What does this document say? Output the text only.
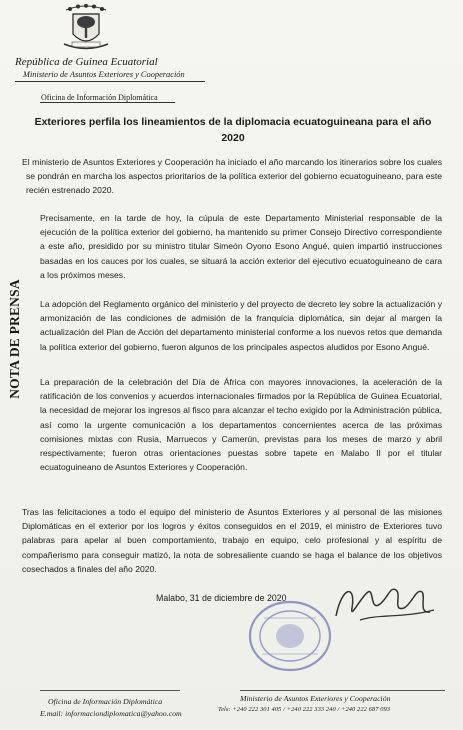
República de Guinea Ecuatorial
Ministerio de Asuntos Exteriores y Cooperación
Oficina de Información Diplomática
Exteriores perfila los lineamientos de la diplomacia ecuatoguineana para el año 2020
NOTA DE PRENSA

El ministerio de Asuntos Exteriores y Cooperación ha iniciado el año marcando los itinerarios sobre los cuales se pondrán en marcha los aspectos prioritarios de la política exterior del gobierno ecuatoguineano, para este recién estrenado 2020.

Precisamente, en la tarde de hoy, la cúpula de este Departamento Ministerial responsable de la ejecución de la política exterior del gobierno, ha mantenido su primer Consejo Directivo correspondiente a este año, presidido por su ministro titular Simeón Oyono Esono Angué, quien impartió instrucciones basadas en los cauces por los cuales, se situará la acción exterior del ejecutivo ecuatoguineano de cara a los próximos meses.

La adopción del Reglamento orgánico del ministerio y del proyecto de decreto ley sobre la actualización y armonización de las condiciones de admisión de la franquicia diplomática, sin dejar al margen la actualización del Plan de Acción del departamento ministerial conforme a los nuevos retos que demanda la política exterior del gobierno, fueron algunos de los principales aspectos aludidos por Esono Angué.

La preparación de la celebración del Día de África con mayores innovaciones, la aceleración de la ratificación de los convenios y acuerdos internacionales firmados por la República de Guinea Ecuatorial, la necesidad de mejorar los ingresos al fisco para alcanzar el techo exigido por la Administración pública, así como la urgente comunicación a los departamentos concernientes acerca de las próximas comisiones mixtas con Rusia, Marruecos y Camerún, previstas para los meses de marzo y abril respectivamente; fueron otras orientaciones puestas sobre tapete en Malabo II por el titular ecuatoguineano de Asuntos Exteriores y Cooperación.

Tras las felicitaciones a todo el equipo del ministerio de Asuntos Exteriores y al personal de las misiones Diplomáticas en el exterior por los logros y éxitos conseguidos en el 2019, el ministro de Exteriores tuvo palabras para apelar al buen comportamiento, trabajo en equipo, celo profesional y al espíritu de compañerismo para conseguir matizó, la nota de sobresaliente cuando se haga el balance de los objetivos cosechados a finales del año 2020.

Malabo, 31 de diciembre de 2020
Oficina de Información Diplomática
E.mail: informaciondiplomatica@yahoo.com
Ministerio de Asuntos Exteriores y Cooperación
Tels: +240 222 301 405 / +240 222 333 240 / +240 222 687 093
